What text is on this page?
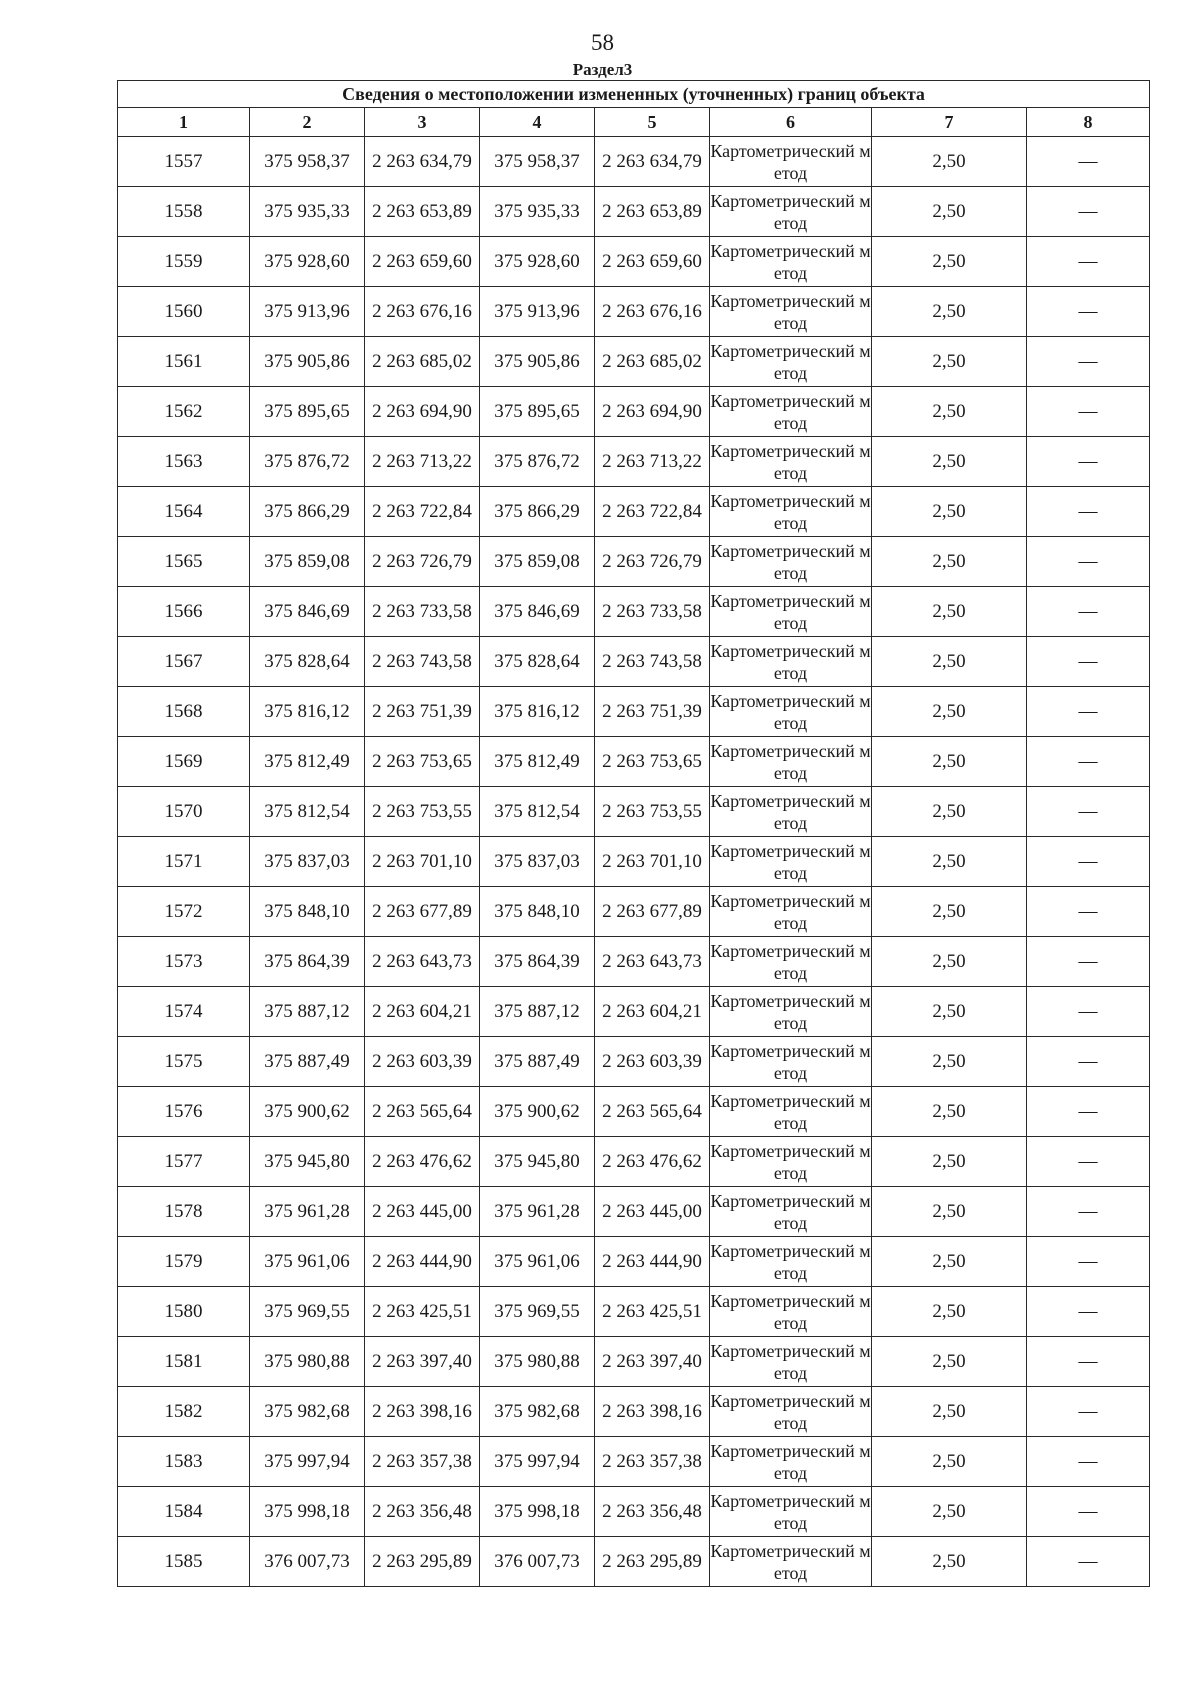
58
Раздел3
Сведения о местоположении измененных (уточненных) границ объекта							
1	2	3	4	5	6	7	8
1557	375 958,37	2 263 634,79	375 958,37	2 263 634,79	Картометрический метод	2,50	—
1558	375 935,33	2 263 653,89	375 935,33	2 263 653,89	Картометрический метод	2,50	—
1559	375 928,60	2 263 659,60	375 928,60	2 263 659,60	Картометрический метод	2,50	—
1560	375 913,96	2 263 676,16	375 913,96	2 263 676,16	Картометрический метод	2,50	—
1561	375 905,86	2 263 685,02	375 905,86	2 263 685,02	Картометрический метод	2,50	—
1562	375 895,65	2 263 694,90	375 895,65	2 263 694,90	Картометрический метод	2,50	—
1563	375 876,72	2 263 713,22	375 876,72	2 263 713,22	Картометрический метод	2,50	—
1564	375 866,29	2 263 722,84	375 866,29	2 263 722,84	Картометрический метод	2,50	—
1565	375 859,08	2 263 726,79	375 859,08	2 263 726,79	Картометрический метод	2,50	—
1566	375 846,69	2 263 733,58	375 846,69	2 263 733,58	Картометрический метод	2,50	—
1567	375 828,64	2 263 743,58	375 828,64	2 263 743,58	Картометрический метод	2,50	—
1568	375 816,12	2 263 751,39	375 816,12	2 263 751,39	Картометрический метод	2,50	—
1569	375 812,49	2 263 753,65	375 812,49	2 263 753,65	Картометрический метод	2,50	—
1570	375 812,54	2 263 753,55	375 812,54	2 263 753,55	Картометрический метод	2,50	—
1571	375 837,03	2 263 701,10	375 837,03	2 263 701,10	Картометрический метод	2,50	—
1572	375 848,10	2 263 677,89	375 848,10	2 263 677,89	Картометрический метод	2,50	—
1573	375 864,39	2 263 643,73	375 864,39	2 263 643,73	Картометрический метод	2,50	—
1574	375 887,12	2 263 604,21	375 887,12	2 263 604,21	Картометрический метод	2,50	—
1575	375 887,49	2 263 603,39	375 887,49	2 263 603,39	Картометрический метод	2,50	—
1576	375 900,62	2 263 565,64	375 900,62	2 263 565,64	Картометрический метод	2,50	—
1577	375 945,80	2 263 476,62	375 945,80	2 263 476,62	Картометрический метод	2,50	—
1578	375 961,28	2 263 445,00	375 961,28	2 263 445,00	Картометрический метод	2,50	—
1579	375 961,06	2 263 444,90	375 961,06	2 263 444,90	Картометрический метод	2,50	—
1580	375 969,55	2 263 425,51	375 969,55	2 263 425,51	Картометрический метод	2,50	—
1581	375 980,88	2 263 397,40	375 980,88	2 263 397,40	Картометрический метод	2,50	—
1582	375 982,68	2 263 398,16	375 982,68	2 263 398,16	Картометрический метод	2,50	—
1583	375 997,94	2 263 357,38	375 997,94	2 263 357,38	Картометрический метод	2,50	—
1584	375 998,18	2 263 356,48	375 998,18	2 263 356,48	Картометрический метод	2,50	—
1585	376 007,73	2 263 295,89	376 007,73	2 263 295,89	Картометрический метод	2,50	—
